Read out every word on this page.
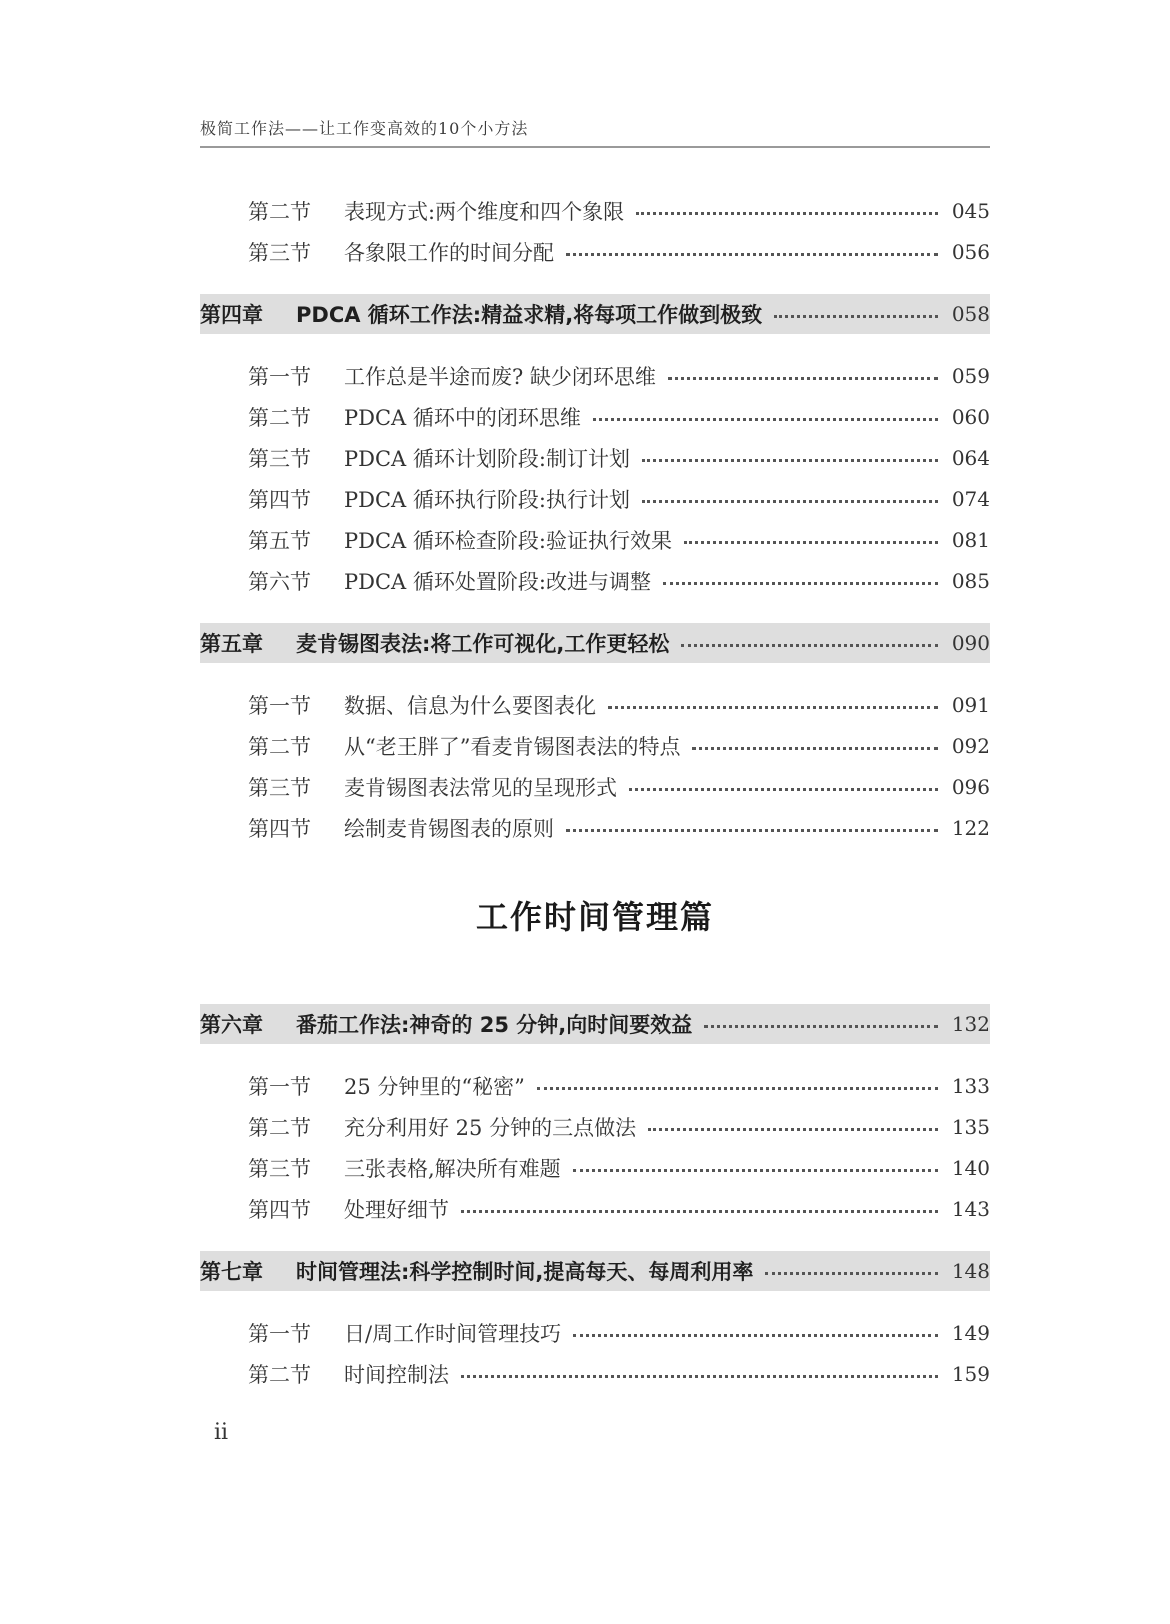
极简工作法——让工作变高效的10个小方法
第二节	表现方式:两个维度和四个象限	045
第三节	各象限工作的时间分配	056
第四章	PDCA 循环工作法:精益求精,将每项工作做到极致	058
第一节	工作总是半途而废? 缺少闭环思维	059
第二节	PDCA 循环中的闭环思维	060
第三节	PDCA 循环计划阶段:制订计划	064
第四节	PDCA 循环执行阶段:执行计划	074
第五节	PDCA 循环检查阶段:验证执行效果	081
第六节	PDCA 循环处置阶段:改进与调整	085
第五章	麦肯锡图表法:将工作可视化,工作更轻松	090
第一节	数据、信息为什么要图表化	091
第二节	从“老王胖了”看麦肯锡图表法的特点	092
第三节	麦肯锡图表法常见的呈现形式	096
第四节	绘制麦肯锡图表的原则	122
工作时间管理篇
第六章	番茄工作法:神奇的 25 分钟,向时间要效益	132
第一节	25 分钟里的“秘密”	133
第二节	充分利用好 25 分钟的三点做法	135
第三节	三张表格,解决所有难题	140
第四节	处理好细节	143
第七章	时间管理法:科学控制时间,提高每天、每周利用率	148
第一节	日/周工作时间管理技巧	149
第二节	时间控制法	159
ii
